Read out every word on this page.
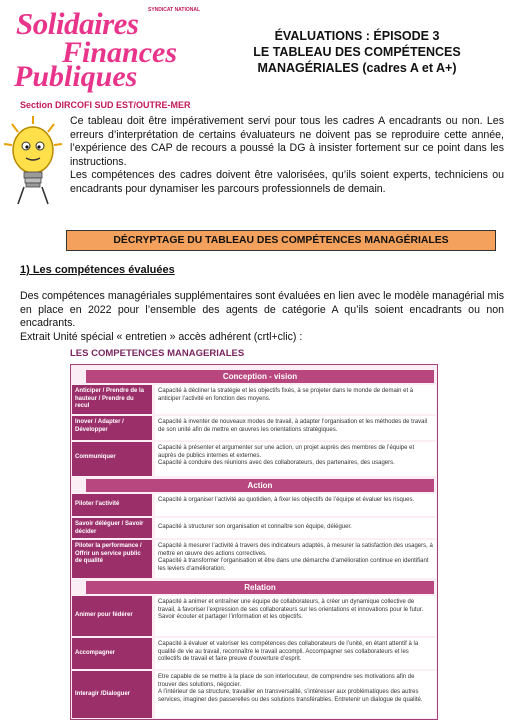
Solidaires SYNDICAT NATIONAL
Finances
Publiques
Section DIRCOFI SUD EST/OUTRE-MER
ÉVALUATIONS : ÉPISODE 3
LE TABLEAU DES COMPÉTENCES
MANAGÉRIALES (cadres A et A+)

Ce tableau doit être impérativement servi pour tous les cadres A encadrants ou non. Les erreurs d’interprétation de certains évaluateurs ne doivent pas se reproduire cette année, l’expérience des CAP de recours a poussé la DG à insister fortement sur ce point dans les instructions.

Les compétences des cadres doivent être valorisées, qu’ils soient experts, techniciens ou encadrants pour dynamiser les parcours professionnels de demain.

DÉCRYPTAGE DU TABLEAU DES COMPÉTENCES MANAGÉRIALES
1) Les compétences évaluées
Des compétences managériales supplémentaires sont évaluées en lien avec le modèle managérial mis en place en 2022 pour l’ensemble des agents de catégorie A qu’ils soient encadrants ou non encadrants.
Extrait Unité spécial « entretien » accès adhérent (crtl+clic) :
LES COMPETENCES MANAGERIALES
Conception - vision
Anticiper / Prendre de la hauteur / Prendre du recul

Capacité à décliner la stratégie et les objectifs fixés, à se projeter dans le monde de demain et à anticiper l’activité en fonction des moyens.

Inover / Adapter / Développer

Capacité à inventer de nouveaux modes de travail, à adapter l’organisation et les méthodes de travail de son unité afin de mettre en œuvres les orientations stratégiques.

Communiquer

Capacité à présenter et argumenter sur une action, un projet auprès des membres de l’équipe et auprès de publics internes et externes.

Capacité à conduire des réunions avec des collaborateurs, des partenaires, des usagers.

Action
Piloter l’activité

Capacité à organiser l’activité au quotidien, à fixer les objectifs de l’équipe et évaluer les risques.

Savoir déléguer / Savoir décider

Capacité à structurer son organisation et connaître son équipe, déléguer.

Piloter la performance / Offrir un service public de qualité

Capacité à mesurer l’activité à travers des indicateurs adaptés, à mesurer la satisfaction des usagers, à mettre en œuvre des actions correctives.

Capacité à transformer l’organisation et être dans une démarche d’amélioration continue en identifiant les leviers d’amélioration.

Relation
Animer pour fédérer

Capacité à animer et entraîner une équipe de collaborateurs, à créer un dynamique collective de travail, à favoriser l’expression de ses collaborateurs sur les orientations et innovations pour le futur.

Savoir écouter et partager l’information et les objectifs.

Accompagner

Capacité à évaluer et valoriser les compétences des collaborateurs de l’unité, en étant attentif à la qualité de vie au travail, reconnaître le travail accompli. Accompagner ses collaborateurs et les collectifs de travail et faire preuve d’ouverture d’esprit.

Interagir /Dialoguer

Etre capable de se mettre à la place de son interlocuteur, de comprendre ses motivations afin de trouver des solutions, négocier.

A l’intérieur de sa structure, travailler en transversalité, s’intéresser aux problématiques des autres services, imaginer des passerelles ou des solutions transférables. Entretenir un dialogue de qualité.
